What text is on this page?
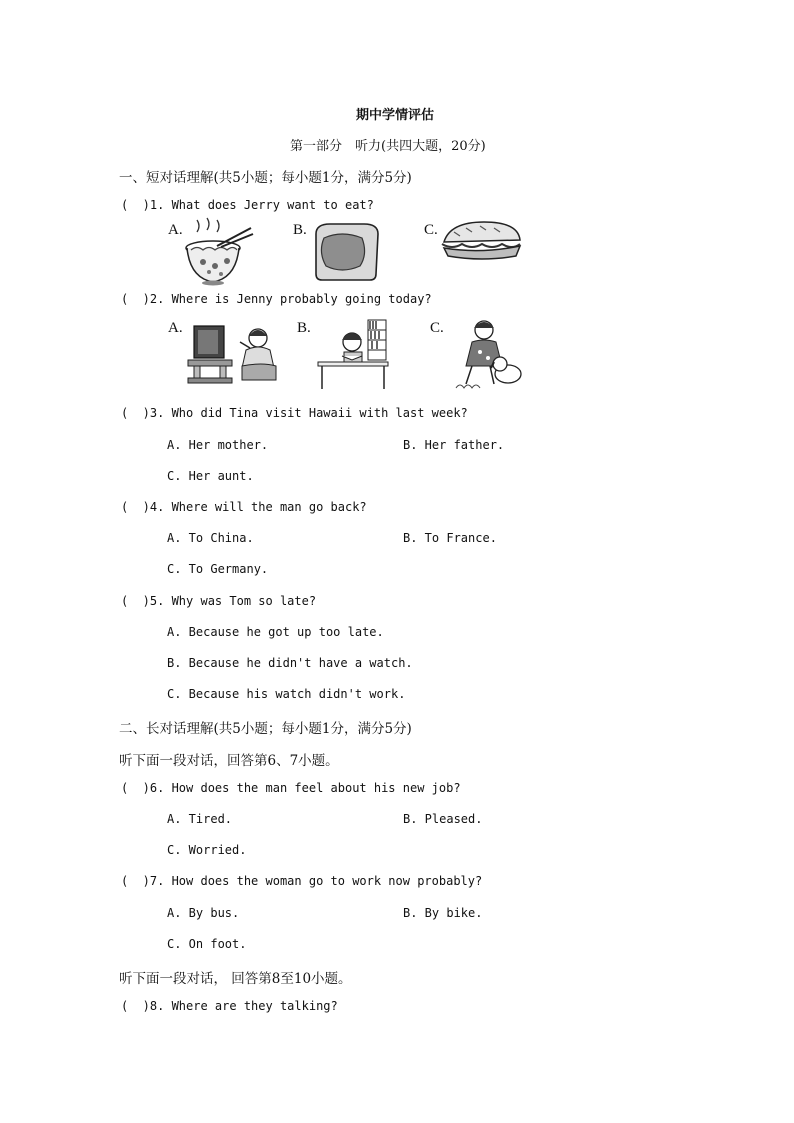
期中学情评估
第一部分　听力(共四大题，20分)
一、短对话理解(共5小题；每小题1分，满分5分)
(  )1. What does Jerry want to eat?
A.	B.	C.
(  )2. Where is Jenny probably going today?
A.	B.	C.
(  )3. Who did Tina visit Hawaii with last week?
A. Her mother.	B. Her father.
C. Her aunt.
(  )4. Where will the man go back?
A. To China.	B. To France.
C. To Germany.
(  )5. Why was Tom so late?
A. Because he got up too late.
B. Because he didn't have a watch.
C. Because his watch didn't work.
二、长对话理解(共5小题；每小题1分，满分5分)
听下面一段对话，回答第6、7小题。
(  )6. How does the man feel about his new job?
A. Tired.	B. Pleased.
C. Worried.
(  )7. How does the woman go to work now probably?
A. By bus.	B. By bike.
C. On foot.
听下面一段对话， 回答第8至10小题。
(  )8. Where are they talking?
